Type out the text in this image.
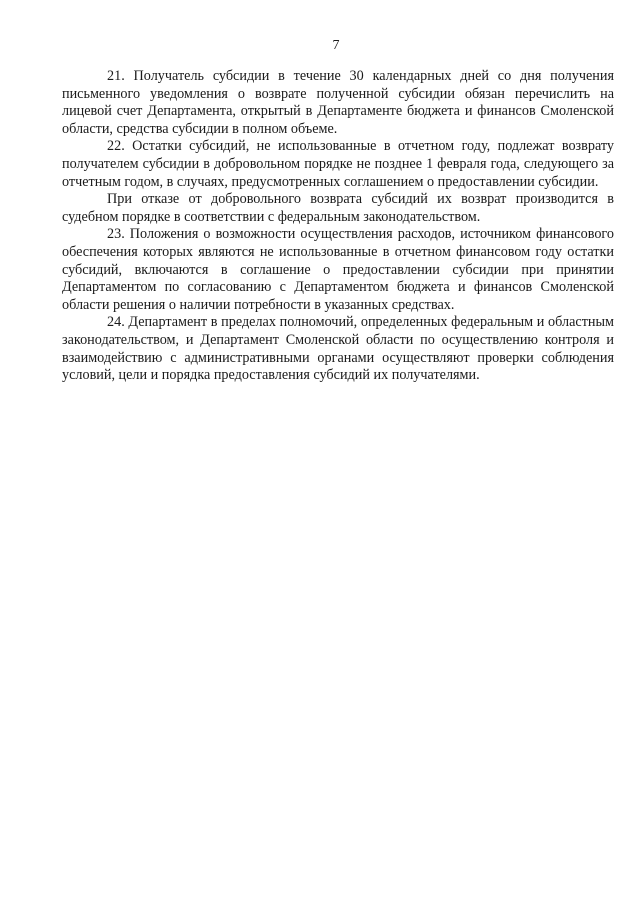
7

21. Получатель субсидии в течение 30 календарных дней со дня получения письменного уведомления о возврате полученной субсидии обязан перечислить на лицевой счет Департамента, открытый в Департаменте бюджета и финансов Смоленской области, средства субсидии в полном объеме.

22. Остатки субсидий, не использованные в отчетном году, подлежат возврату получателем субсидии в добровольном порядке не позднее 1 февраля года, следующего за отчетным годом, в случаях, предусмотренных соглашением о предоставлении субсидии.

При отказе от добровольного возврата субсидий их возврат производится в судебном порядке в соответствии с федеральным законодательством.

23. Положения о возможности осуществления расходов, источником финансового обеспечения которых являются не использованные в отчетном финансовом году остатки субсидий, включаются в соглашение о предоставлении субсидии при принятии Департаментом по согласованию с Департаментом бюджета и финансов Смоленской области решения о наличии потребности в указанных средствах.

24. Департамент в пределах полномочий, определенных федеральным и областным законодательством, и Департамент Смоленской области по осуществлению контроля и взаимодействию с административными органами осуществляют проверки соблюдения условий, цели и порядка предоставления субсидий их получателями.
